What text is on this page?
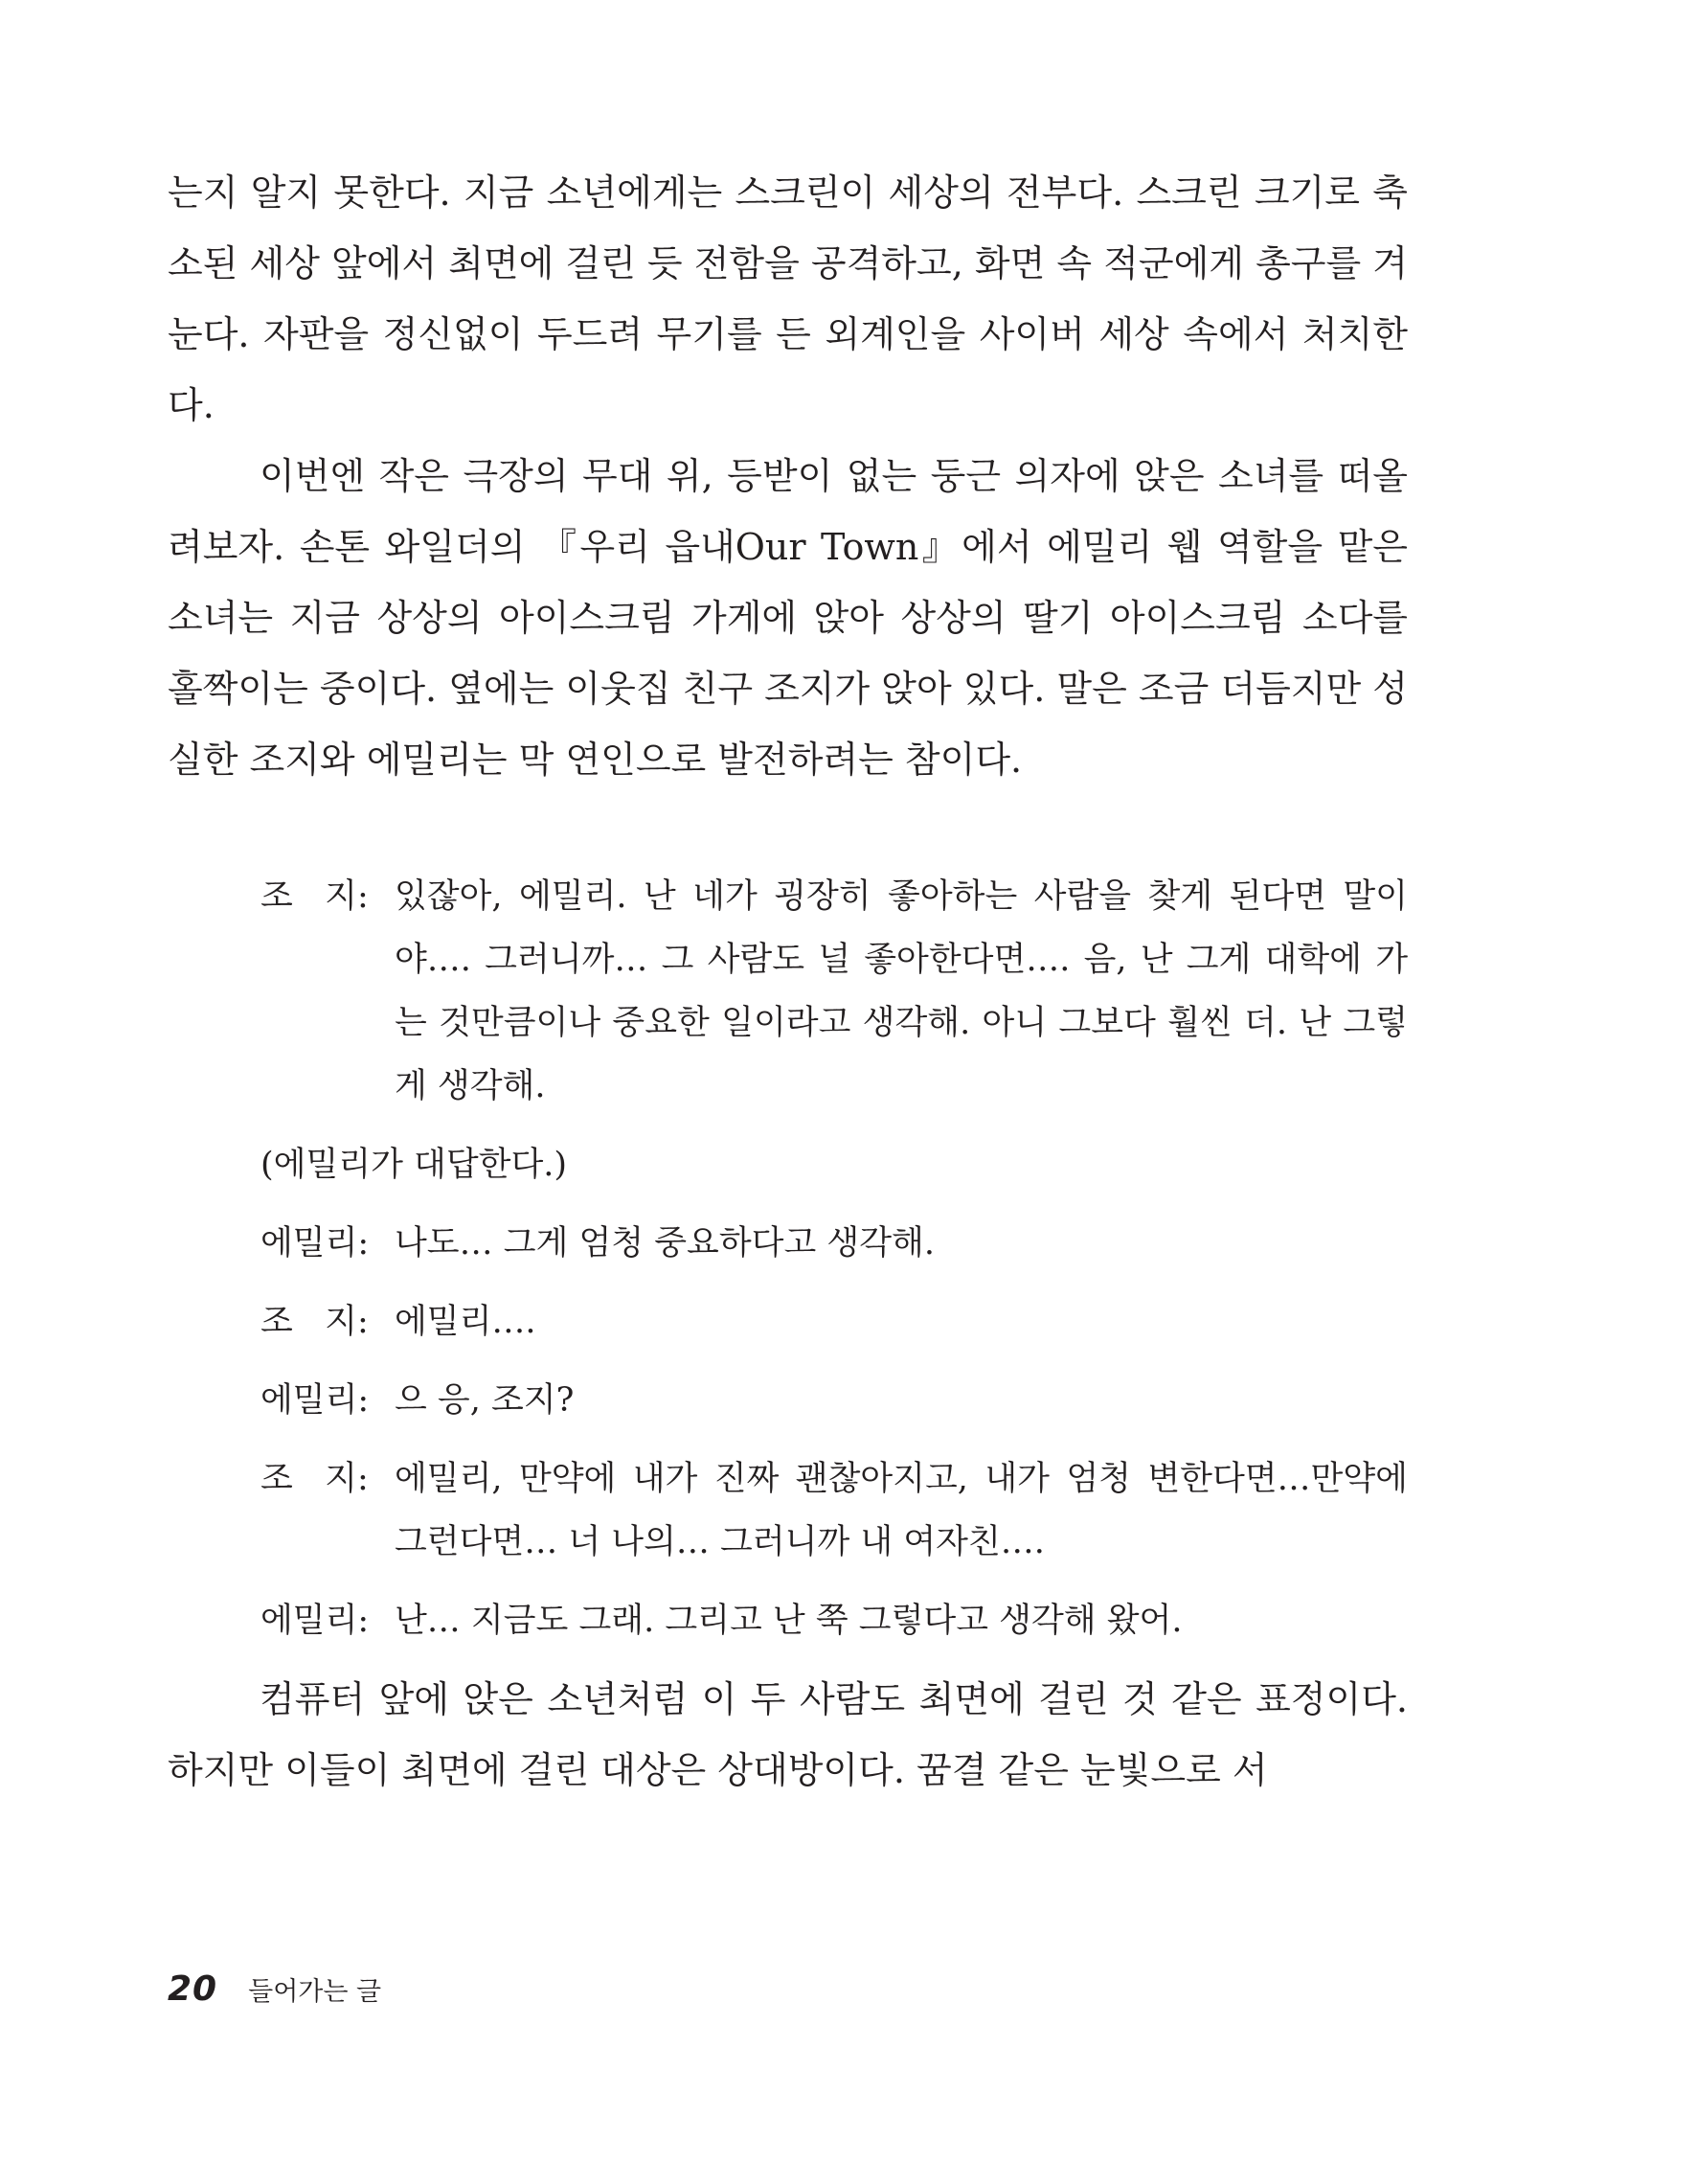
는지 알지 못한다. 지금 소년에게는 스크린이 세상의 전부다. 스크린 크기로 축소된 세상 앞에서 최면에 걸린 듯 전함을 공격하고, 화면 속 적군에게 총구를 겨눈다. 자판을 정신없이 두드려 무기를 든 외계인을 사이버 세상 속에서 처치한다.

이번엔 작은 극장의 무대 위, 등받이 없는 둥근 의자에 앉은 소녀를 떠올려보자. 손톤 와일더의 『우리 읍내Our Town』에서 에밀리 웹 역할을 맡은 소녀는 지금 상상의 아이스크림 가게에 앉아 상상의 딸기 아이스크림 소다를 홀짝이는 중이다. 옆에는 이웃집 친구 조지가 앉아 있다. 말은 조금 더듬지만 성실한 조지와 에밀리는 막 연인으로 발전하려는 참이다.

조   지: 있잖아, 에밀리. 난 네가 굉장히 좋아하는 사람을 찾게 된다면 말이야…. 그러니까… 그 사람도 널 좋아한다면…. 음, 난 그게 대학에 가는 것만큼이나 중요한 일이라고 생각해. 아니 그보다 훨씬 더. 난 그렇게 생각해.
(에밀리가 대답한다.)
에밀리: 나도… 그게 엄청 중요하다고 생각해.
조   지: 에밀리….
에밀리: 으 응, 조지?
조   지: 에밀리, 만약에 내가 진짜 괜찮아지고, 내가 엄청 변한다면…만약에 그런다면… 너 나의… 그러니까 내 여자친….
에밀리: 난… 지금도 그래. 그리고 난 쭉 그렇다고 생각해 왔어.

컴퓨터 앞에 앉은 소년처럼 이 두 사람도 최면에 걸린 것 같은 표정이다. 하지만 이들이 최면에 걸린 대상은 상대방이다. 꿈결 같은 눈빛으로 서

20 들어가는 글
